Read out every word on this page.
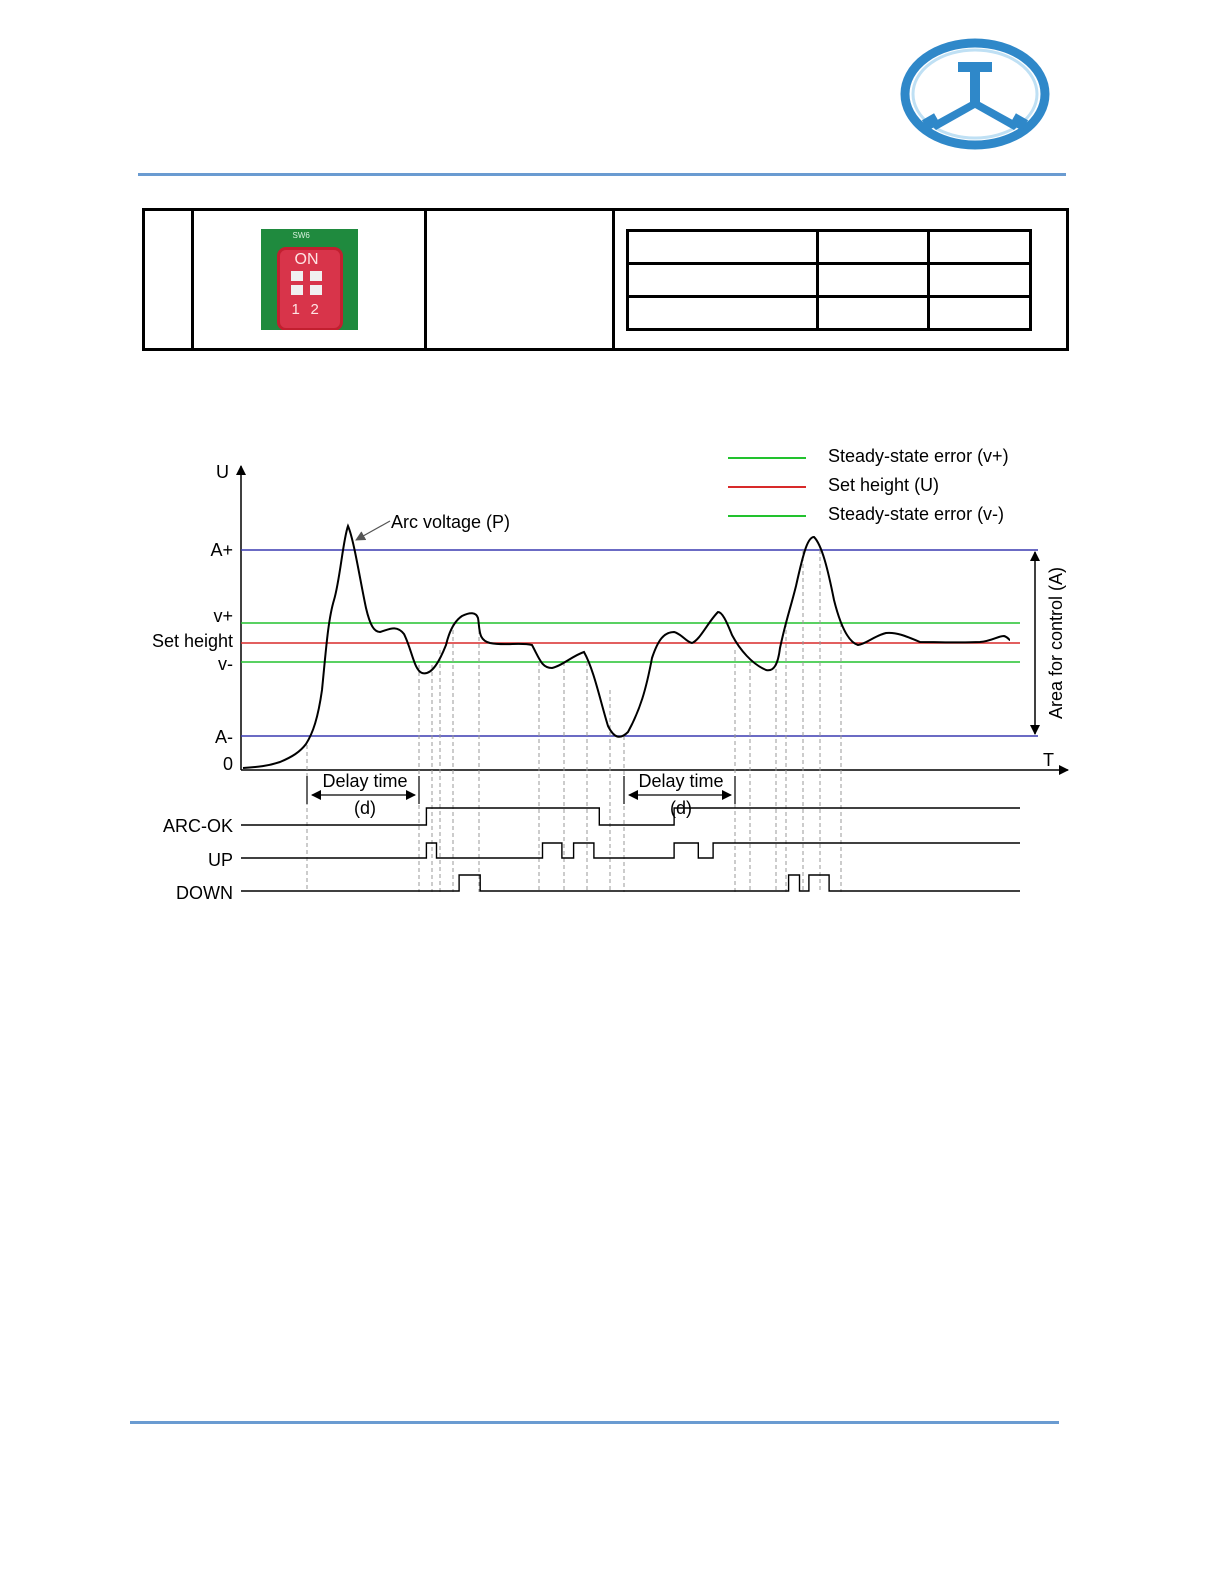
SW6
ON
1 2

Steady-state error (v+)
Set height (U)
Steady-state error (v-)
U
T
A+
v+
Set height
v-
A-
0
Area for control (A)
Arc voltage (P)
Delay time
(d)
Delay time
(d)
ARC-OK
UP
DOWN
